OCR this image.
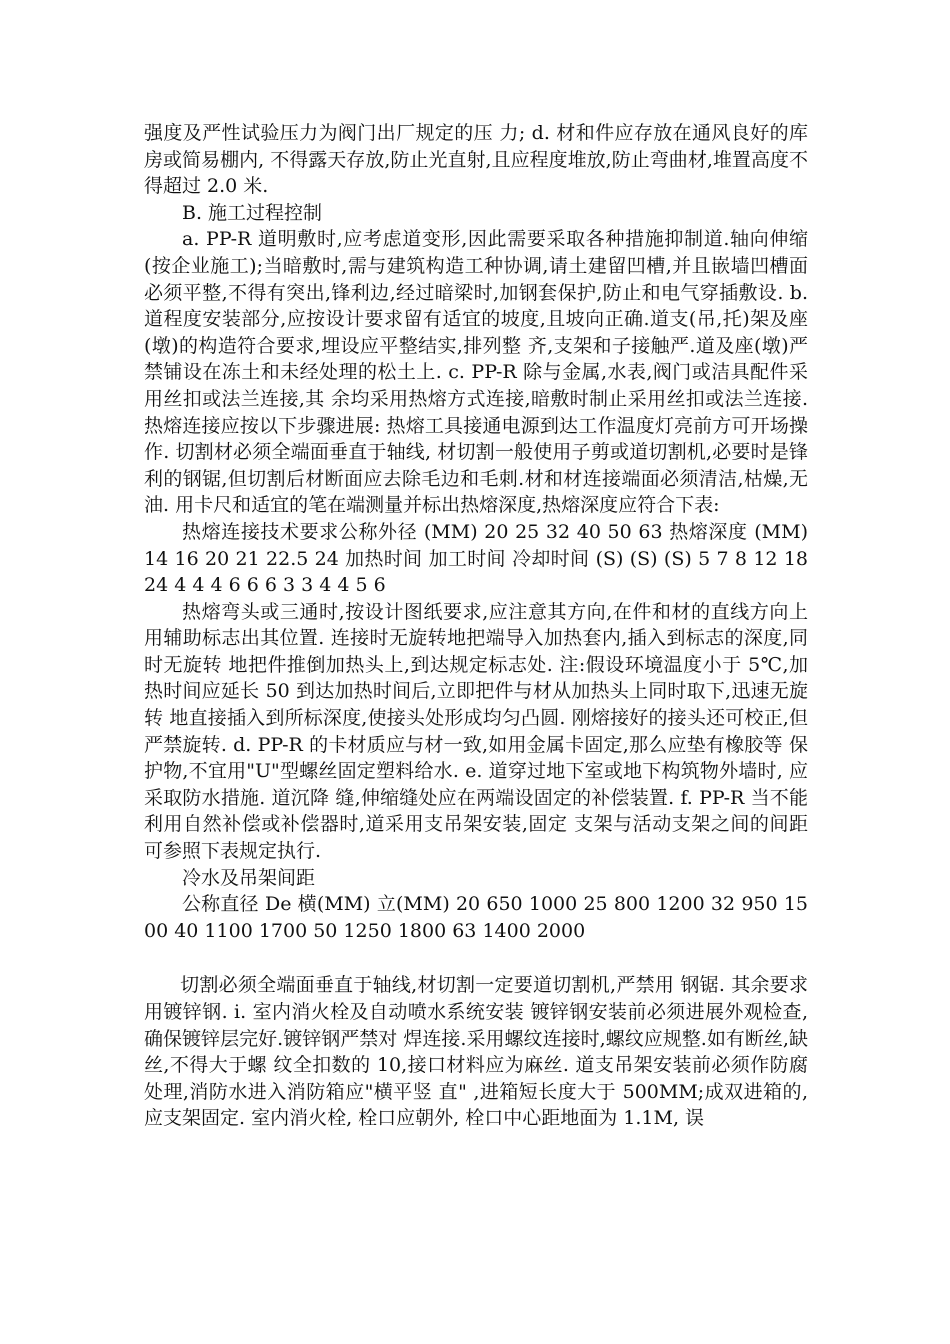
强度及严性试验压力为阀门出厂规定的压 力; d. 材和件应存放在通风良好的库房或简易棚内, 不得露天存放,防止光直射,且应程度堆放,防止弯曲材,堆置高度不得超过 2.0 米.

B. 施工过程控制

a. PP-R 道明敷时,应考虑道变形,因此需要采取各种措施抑制道.轴向伸缩(按企业施工);当暗敷时,需与建筑构造工种协调,请土建留凹槽,并且嵌墙凹槽面必须平整,不得有突出,锋利边,经过暗梁时,加钢套保护,防止和电气穿插敷设. b. 道程度安装部分,应按设计要求留有适宜的坡度,且坡向正确.道支(吊,托)架及座(墩)的构造符合要求,埋设应平整结实,排列整 齐,支架和子接触严.道及座(墩)严禁铺设在冻土和未经处理的松土上. c. PP-R 除与金属,水表,阀门或洁具配件采用丝扣或法兰连接,其 余均采用热熔方式连接,暗敷时制止采用丝扣或法兰连接.热熔连接应按以下步骤进展: 热熔工具接通电源到达工作温度灯亮前方可开场操作. 切割材必须全端面垂直于轴线, 材切割一般使用子剪或道切割机,必要时是锋利的钢锯,但切割后材断面应去除毛边和毛刺.材和材连接端面必须清洁,枯燥,无油. 用卡尺和适宜的笔在端测量并标出热熔深度,热熔深度应符合下表:

热熔连接技术要求公称外径 (MM) 20 25 32 40 50 63 热熔深度 (MM) 14 16 20 21 22.5 24 加热时间 加工时间 冷却时间 (S) (S) (S) 5 7 8 12 18 24 4 4 4 6 6 6 3 3 4 4 5 6

热熔弯头或三通时,按设计图纸要求,应注意其方向,在件和材的直线方向上用辅助标志出其位置. 连接时无旋转地把端导入加热套内,插入到标志的深度,同时无旋转 地把件推倒加热头上,到达规定标志处. 注:假设环境温度小于 5℃,加热时间应延长 50 到达加热时间后,立即把件与材从加热头上同时取下,迅速无旋转 地直接插入到所标深度,使接头处形成均匀凸圆. 刚熔接好的接头还可校正,但严禁旋转. d. PP-R 的卡材质应与材一致,如用金属卡固定,那么应垫有橡胶等 保护物,不宜用"U"型螺丝固定塑料给水. e. 道穿过地下室或地下构筑物外墙时, 应采取防水措施. 道沉降 缝,伸缩缝处应在两端设固定的补偿装置. f. PP-R 当不能利用自然补偿或补偿器时,道采用支吊架安装,固定 支架与活动支架之间的间距可参照下表规定执行.

冷水及吊架间距

公称直径 De 横(MM) 立(MM) 20 650 1000 25 800 1200 32 950 1500 40 1100 1700 50 1250 1800 63 1400 2000

切割必须全端面垂直于轴线,材切割一定要道切割机,严禁用 钢锯. 其余要求用镀锌钢. i. 室内消火栓及自动喷水系统安装 镀锌钢安装前必须进展外观检查,确保镀锌层完好.镀锌钢严禁对 焊连接.采用螺纹连接时,螺纹应规整.如有断丝,缺丝,不得大于螺 纹全扣数的 10,接口材料应为麻丝. 道支吊架安装前必须作防腐处理,消防水进入消防箱应"横平竖 直" ,进箱短长度大于 500MM;成双进箱的,应支架固定. 室内消火栓, 栓口应朝外, 栓口中心距地面为 1.1M, 误
